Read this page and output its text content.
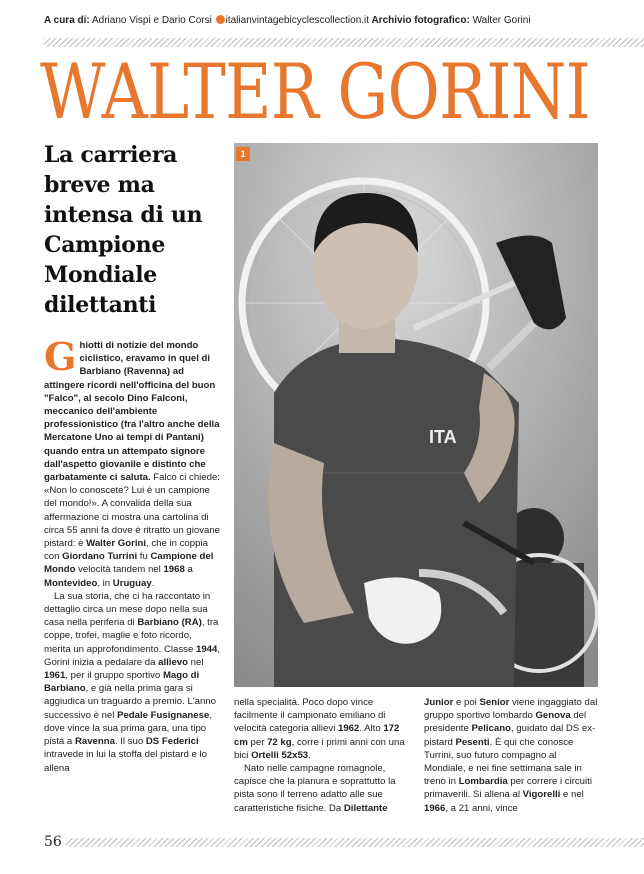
A cura di: Adriano Vispi e Dario Corsi italianvintagebicyclescollection.it Archivio fotografico: Walter Gorini
WALTER GORINI
La carriera breve ma intensa di un Campione Mondiale dilettanti
ITA
1

Ghiotti di notizie del mondo ciclistico, eravamo in quel di Barbiano (Ravenna) ad attingere ricordi nell'officina del buon "Falco", al secolo Dino Falconi, meccanico dell'ambiente professionistico (fra l'altro anche della Mercatone Uno ai tempi di Pantani) quando entra un attempato signore dall'aspetto giovanile e distinto che garbatamente ci saluta. Falco ci chiede: «Non lo conoscete? Lui è un campione del mondo!». A convalida della sua affermazione ci mostra una cartolina di circa 55 anni fa dove è ritratto un giovane pistard: è Walter Gorini, che in coppia con Giordano Turrini fu Campione del Mondo velocità tandem nel 1968 a Montevideo, in Uruguay.

La sua storia, che ci ha raccontato in dettaglio circa un mese dopo nella sua casa nella periferia di Barbiano (RA), tra coppe, trofei, maglie e foto ricordo, merita un approfondimento. Classe 1944, Gorini inizia a pedalare da allievo nel 1961, per il gruppo sportivo Mago di Barbiano, e già nella prima gara si aggiudica un traguardo a premio. L'anno successivo è nel Pedale Fusignanese, dove vince la sua prima gara, una tipo pista a Ravenna. Il suo DS Federici intravede in lui la stoffa del pistard e lo allena

nella specialità. Poco dopo vince facilmente il campionato emiliano di velocità categoria allievi 1962. Alto 172 cm per 72 kg, corre i primi anni con una bici Ortelli 52x53.

Nato nelle campagne romagnole, capisce che la pianura e soprattutto la pista sono il terreno adatto alle sue caratteristiche fisiche. Da Dilettante

Junior e poi Senior viene ingaggiato dal gruppo sportivo lombardo Genova del presidente Pelicano, guidato dal DS ex-pistard Pesenti. È qui che conosce Turrini, suo futuro compagno al Mondiale, e nei fine settimana sale in treno in Lombardia per correre i circuiti primaverili. Si allena al Vigorelli e nel 1966, a 21 anni, vince

56
